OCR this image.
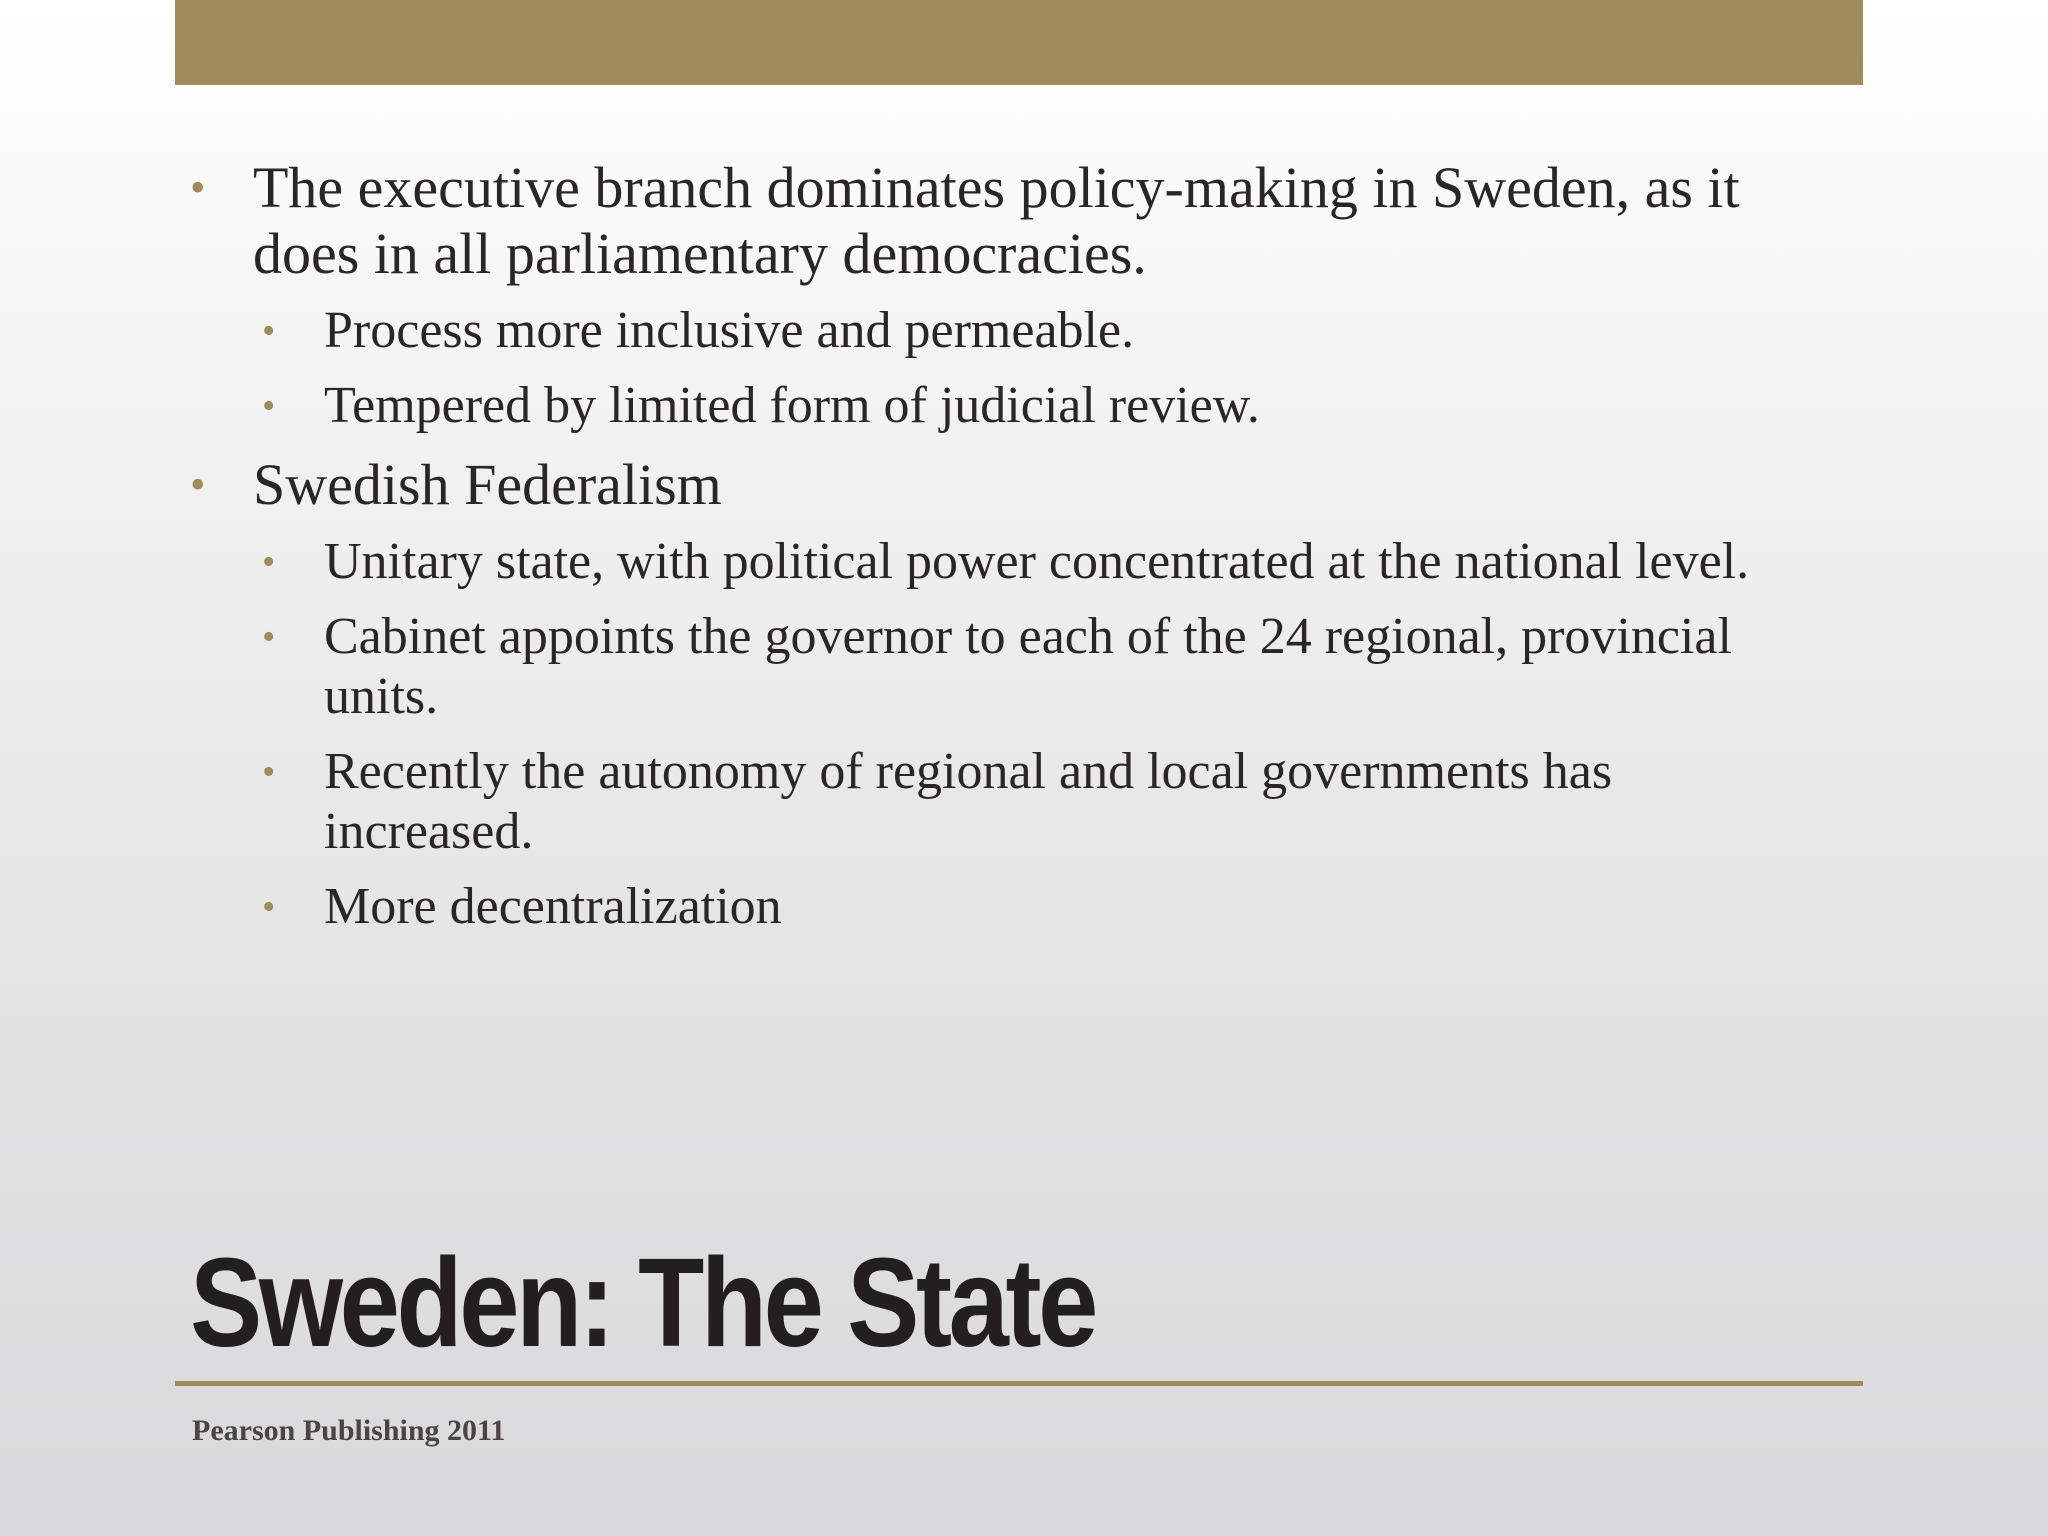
• The executive branch dominates policy-making in Sweden, as it does in all parliamentary democracies.
• Process more inclusive and permeable.
• Tempered by limited form of judicial review.
• Swedish Federalism
• Unitary state, with political power concentrated at the national level.
• Cabinet appoints the governor to each of the 24 regional, provincial units.
• Recently the autonomy of regional and local governments has increased.
• More decentralization
Sweden: The State
Pearson Publishing 2011
